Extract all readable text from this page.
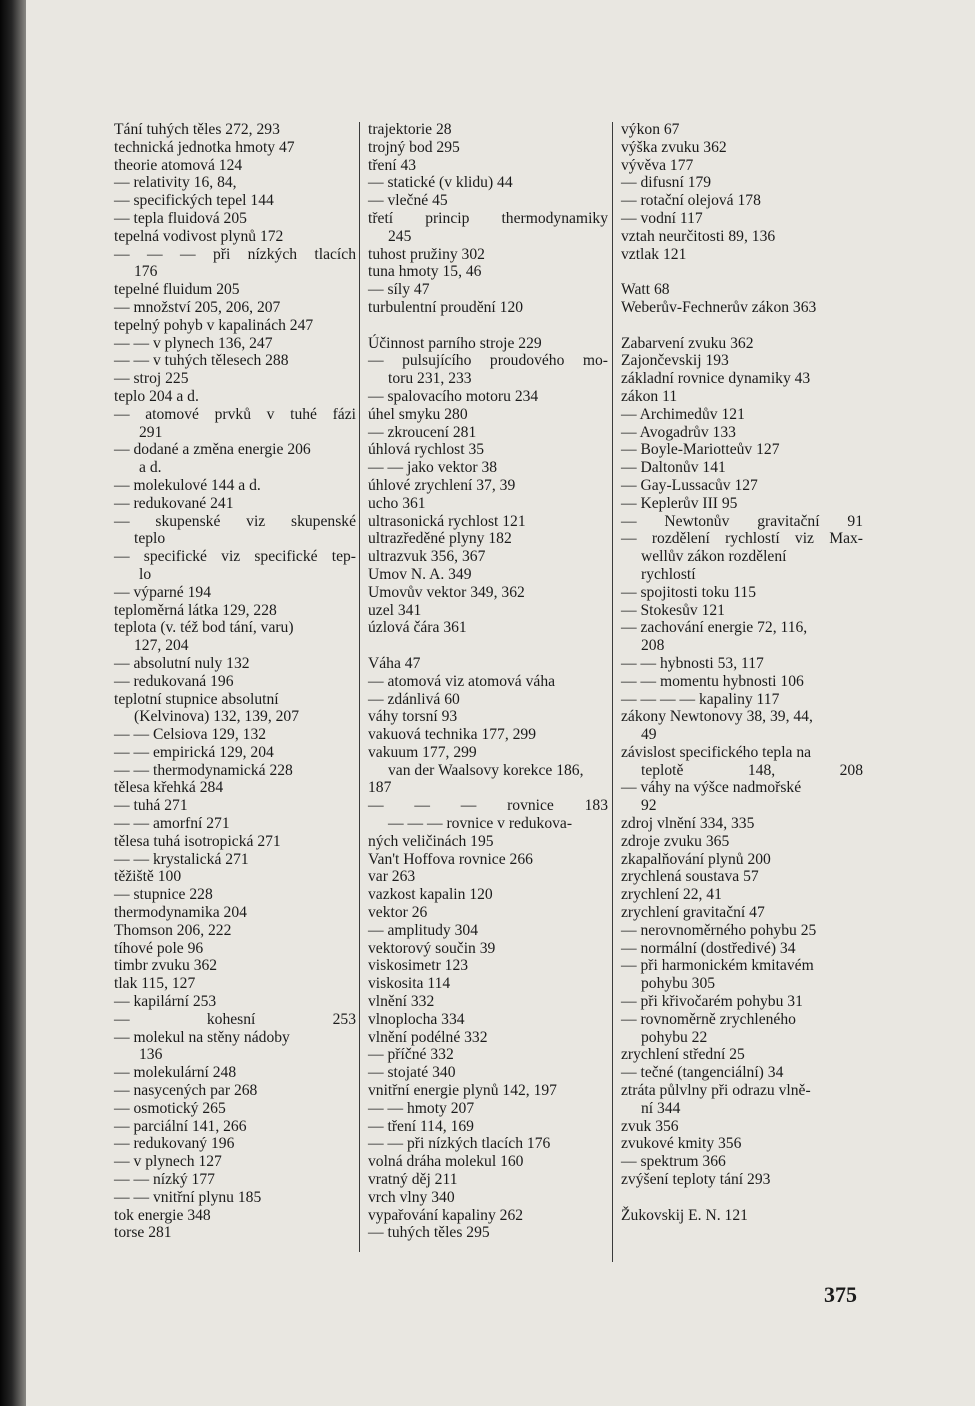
Tání tuhých těles 272, 293
technická jednotka hmoty 47
theorie atomová 124
— relativity 16, 84,
— specifických tepel 144
— tepla fluidová 205
tepelná vodivost plynů 172
— — — při nízkých tlacích
176
tepelné fluidum 205
— množství 205, 206, 207
tepelný pohyb v kapalinách 247
— — v plynech 136, 247
— — v tuhých tělesech 288
— stroj 225
teplo 204 a d.
— atomové prvků v tuhé fázi
291
— dodané a změna energie 206
a d.
— molekulové 144 a d.
— redukované 241
— skupenské viz skupenské
teplo
— specifické viz specifické tep-
lo
— výparné 194
teploměrná látka 129, 228
teplota (v. též bod tání, varu)
127, 204
— absolutní nuly 132
— redukovaná 196
teplotní stupnice absolutní
(Kelvinova) 132, 139, 207
— — Celsiova 129, 132
— — empirická 129, 204
— — thermodynamická 228
tělesa křehká 284
— tuhá 271
— — amorfní 271
tělesa tuhá isotropická 271
— — krystalická 271
těžiště 100
— stupnice 228
thermodynamika 204
Thomson 206, 222
tíhové pole 96
timbr zvuku 362
tlak 115, 127
— kapilární 253
— kohesní 253
— molekul na stěny nádoby
136
— molekulární 248
— nasycených par 268
— osmotický 265
— parciální 141, 266
— redukovaný 196
— v plynech 127
— — nízký 177
— — vnitřní plynu 185
tok energie 348
torse 281
trajektorie 28
trojný bod 295
tření 43
— statické (v klidu) 44
— vlečné 45
třetí princip thermodynamiky
245
tuhost pružiny 302
tuna hmoty 15, 46
— síly 47
turbulentní proudění 120
Účinnost parního stroje 229
— pulsujícího proudového mo-
toru 231, 233
— spalovacího motoru 234
úhel smyku 280
— zkroucení 281
úhlová rychlost 35
— — jako vektor 38
úhlové zrychlení 37, 39
ucho 361
ultrasonická rychlost 121
ultrazředěné plyny 182
ultrazvuk 356, 367
Umov N. A. 349
Umovův vektor 349, 362
uzel 341
úzlová čára 361
Váha 47
— atomová viz atomová váha
— zdánlivá 60
váhy torsní 93
vakuová technika 177, 299
vakuum 177, 299
van der Waalsovy korekce 186,
187
— — — rovnice 183
— — — rovnice v redukova-
ných veličinách 195
Van't Hoffova rovnice 266
var 263
vazkost kapalin 120
vektor 26
— amplitudy 304
vektorový součin 39
viskosimetr 123
viskosita 114
vlnění 332
vlnoplocha 334
vlnění podélné 332
— příčné 332
— stojaté 340
vnitřní energie plynů 142, 197
— — hmoty 207
— tření 114, 169
— — při nízkých tlacích 176
volná dráha molekul 160
vratný děj 211
vrch vlny 340
vypařování kapaliny 262
— tuhých těles 295
výkon 67
výška zvuku 362
vývěva 177
— difusní 179
— rotační olejová 178
— vodní 117
vztah neurčitosti 89, 136
vztlak 121
Watt 68
Weberův-Fechnerův zákon 363
Zabarvení zvuku 362
Zajončevskij 193
základní rovnice dynamiky 43
zákon 11
— Archimedův 121
— Avogadrův 133
— Boyle-Mariotteův 127
— Daltonův 141
— Gay-Lussacův 127
— Keplerův III 95
— Newtonův gravitační 91
— rozdělení rychlostí viz Max-
wellův zákon rozdělení
rychlostí
— spojitosti toku 115
— Stokesův 121
— zachování energie 72, 116,
208
— — hybnosti 53, 117
— — momentu hybnosti 106
— — — — kapaliny 117
zákony Newtonovy 38, 39, 44,
49
závislost specifického tepla na
teplotě 148, 208
— váhy na výšce nadmořské
92
zdroj vlnění 334, 335
zdroje zvuku 365
zkapalňování plynů 200
zrychlená soustava 57
zrychlení 22, 41
zrychlení gravitační 47
— nerovnoměrného pohybu 25
— normální (dostředivé) 34
— při harmonickém kmitavém
pohybu 305
— při křivočarém pohybu 31
— rovnoměrně zrychleného
pohybu 22
zrychlení střední 25
— tečné (tangenciální) 34
ztráta půlvlny při odrazu vlně-
ní 344
zvuk 356
zvukové kmity 356
— spektrum 366
zvýšení teploty tání 293
Žukovskij E. N. 121
375
